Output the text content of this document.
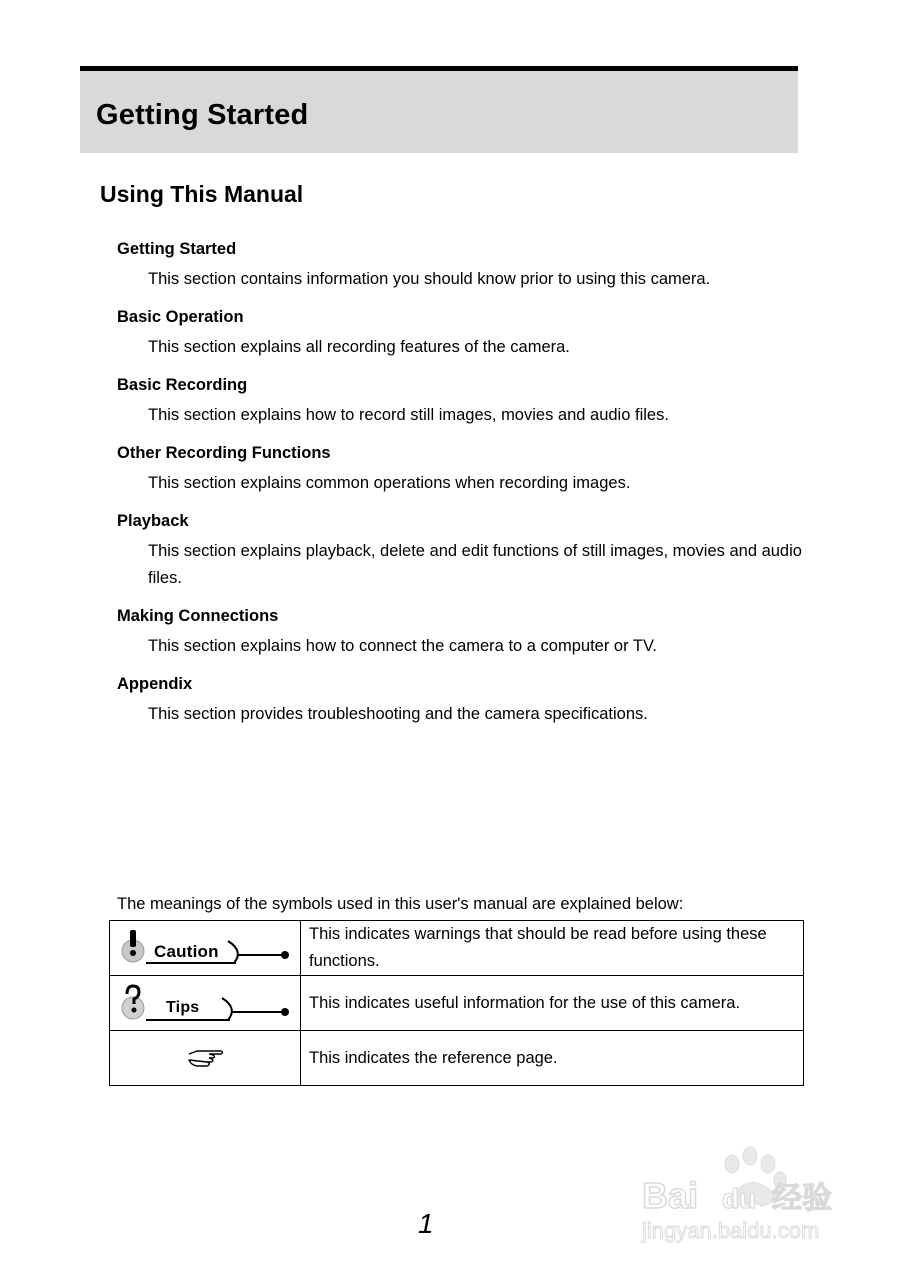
Getting Started
Using This Manual
Getting Started
This section contains information you should know prior to using this camera.
Basic Operation
This section explains all recording features of the camera.
Basic Recording
This section explains how to record still images, movies and audio files.
Other Recording Functions
This section explains common operations when recording images.
Playback
This section explains playback, delete and edit functions of still images, movies and audio files.
Making Connections
This section explains how to connect the camera to a computer or TV.
Appendix
This section provides troubleshooting and the camera specifications.
The meanings of the symbols used in this user's manual are explained below:
Caution	This indicates warnings that should be read before using these functions.

Tips	This indicates useful information for the use of this camera.
	This indicates the reference page.
1
Bai du 经验
jingyan.baidu.com
